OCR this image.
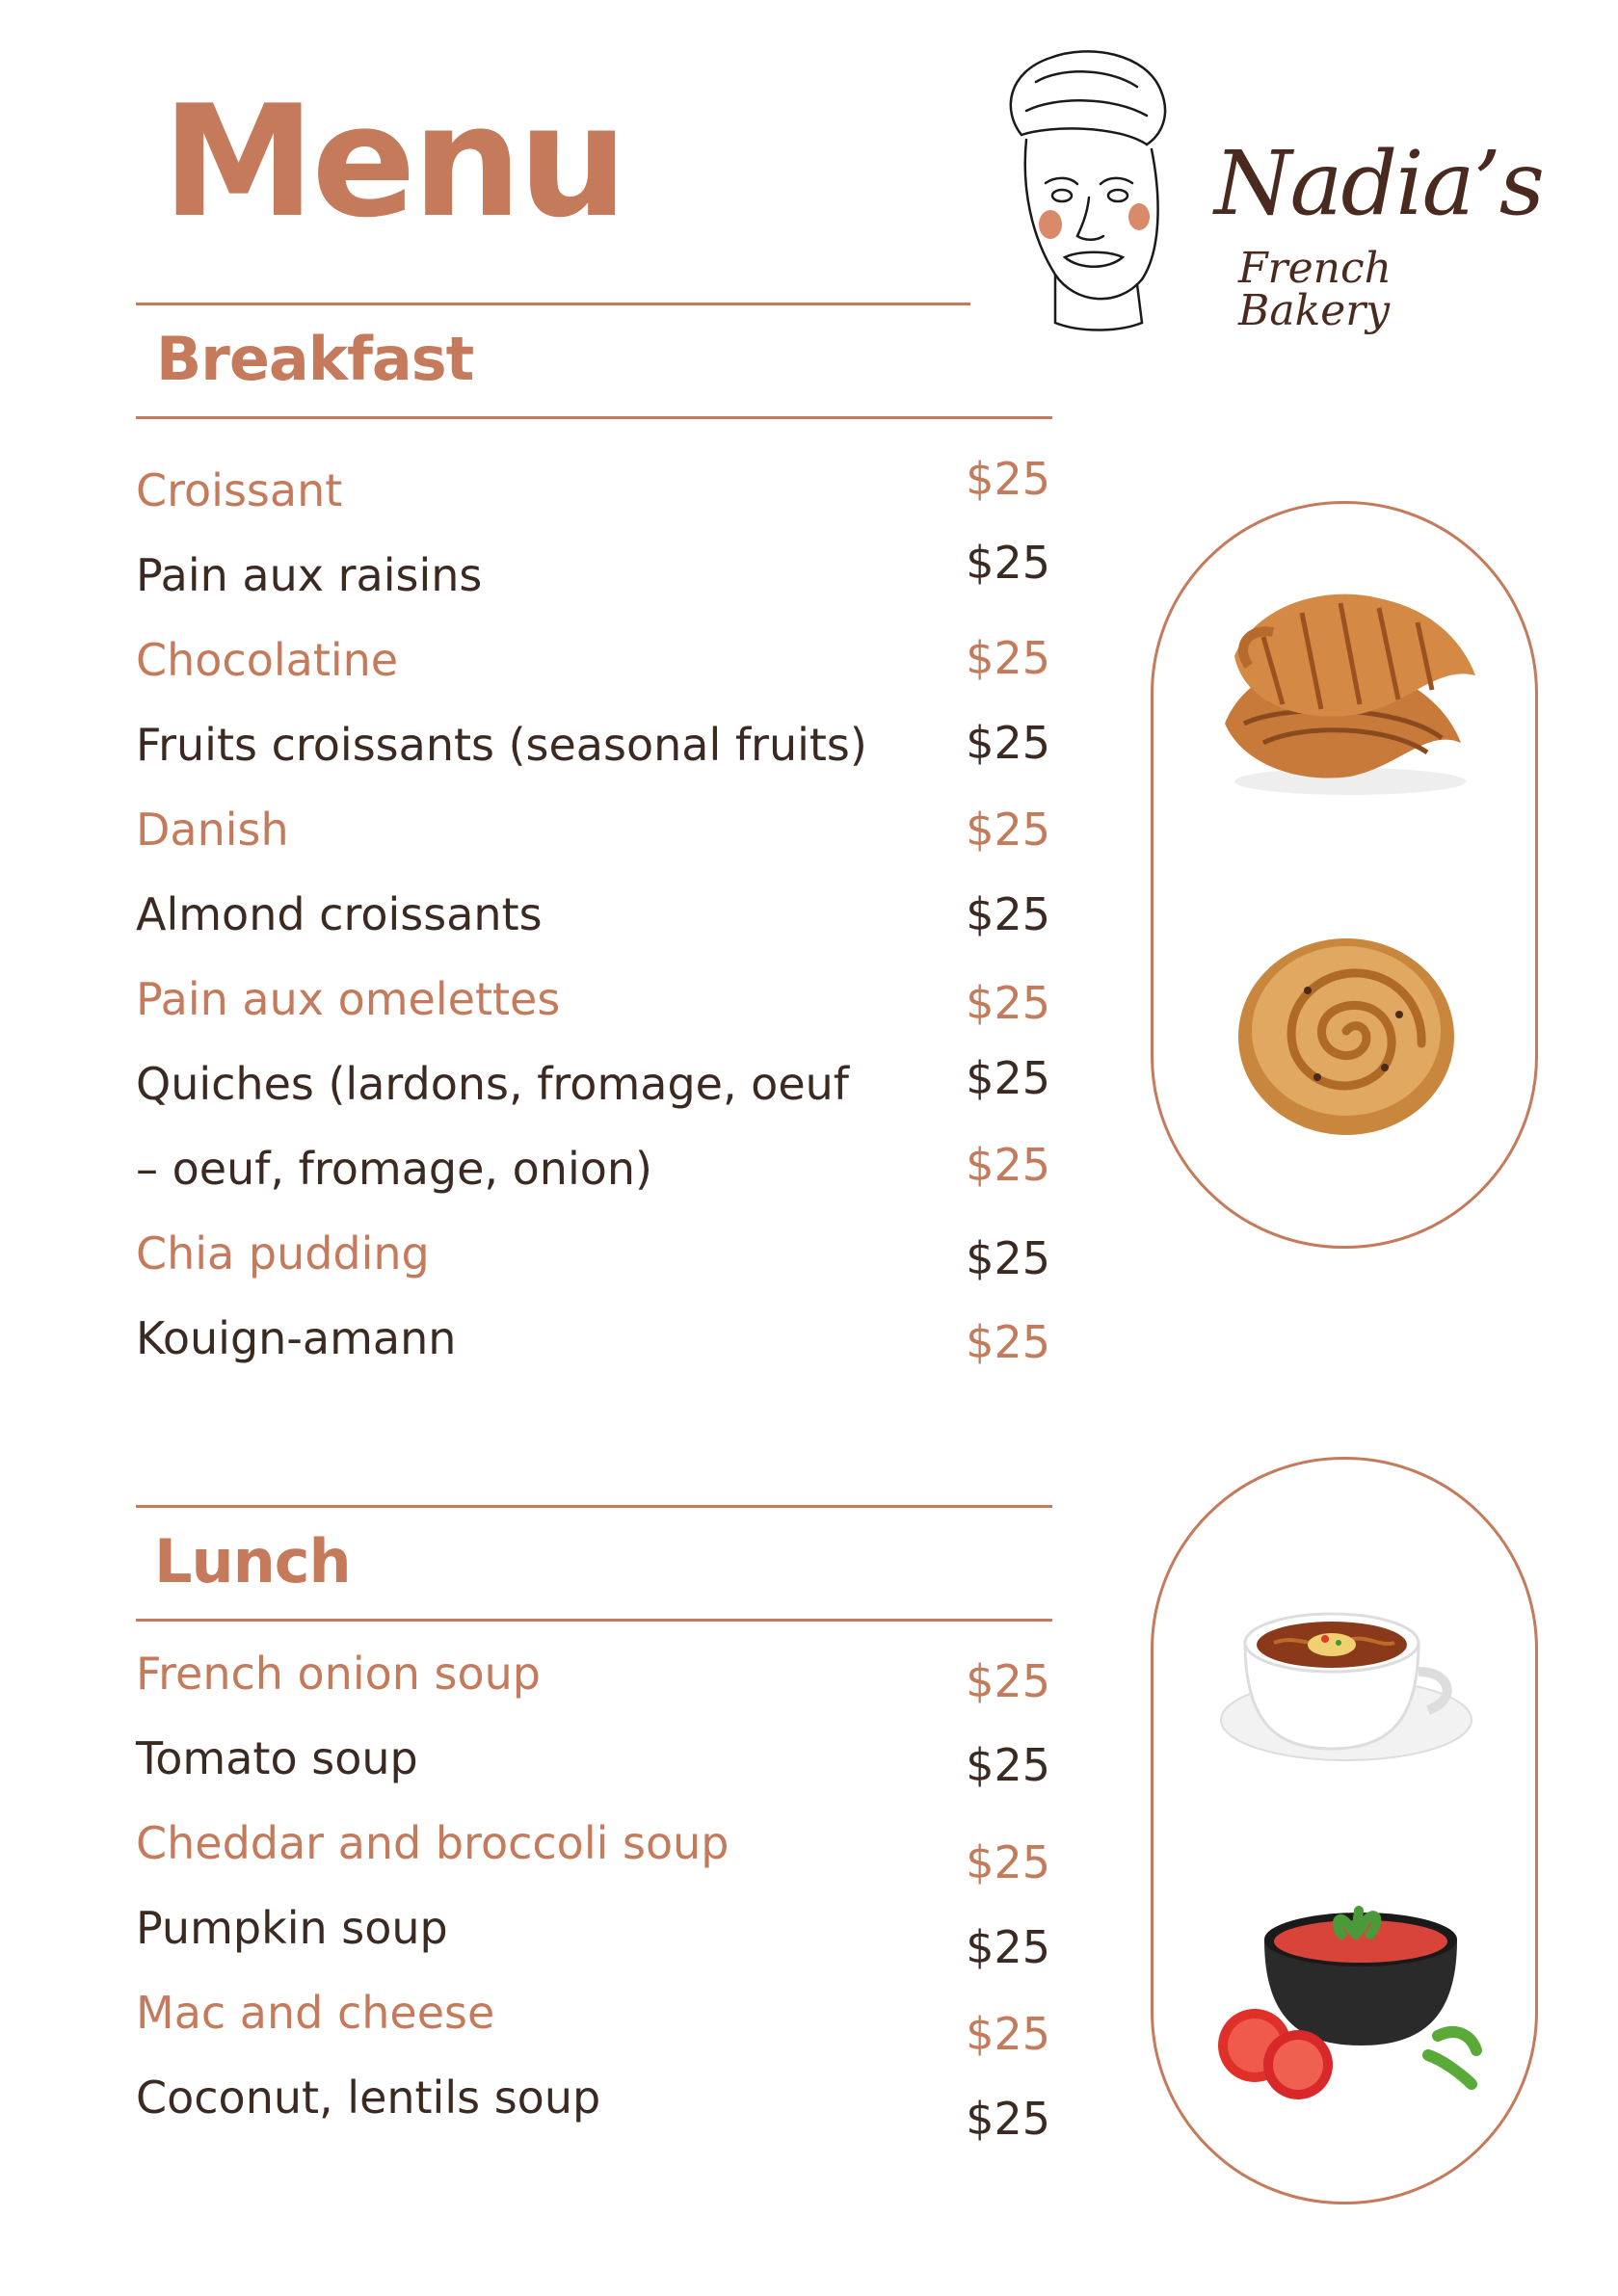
Menu	Nadia’s
French Bakery
Breakfast
Croissant	$25
Pain aux raisins	$25
Chocolatine	$25
Fruits croissants (seasonal fruits)	$25
Danish	$25
Almond croissants	$25
Pain aux omelettes	$25
Quiches (lardons, fromage, oeuf	$25
– oeuf, fromage, onion)	$25
Chia pudding	$25
Kouign-amann	$25
Lunch
French onion soup	$25
Tomato soup	$25
Cheddar and broccoli soup	$25
Pumpkin soup	$25
Mac and cheese	$25
Coconut, lentils soup	$25
